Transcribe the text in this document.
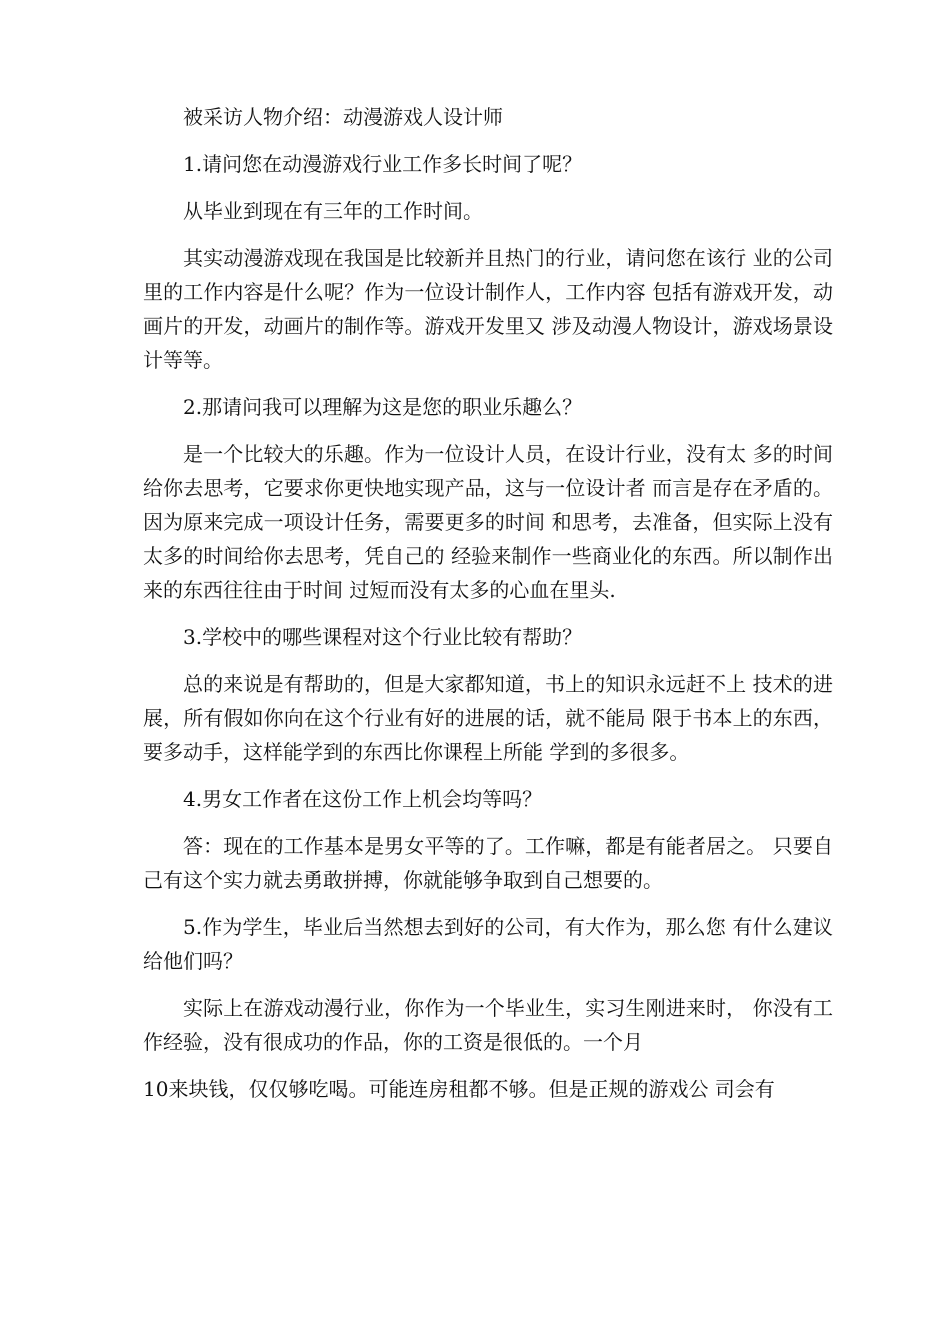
被采访人物介绍：动漫游戏人设计师

1.请问您在动漫游戏行业工作多长时间了呢？

从毕业到现在有三年的工作时间。

其实动漫游戏现在我国是比较新并且热门的行业，请问您在该行 业的公司里的工作内容是什么呢？作为一位设计制作人，工作内容 包括有游戏开发，动画片的开发，动画片的制作等。游戏开发里又 涉及动漫人物设计，游戏场景设计等等。

2.那请问我可以理解为这是您的职业乐趣么？

是一个比较大的乐趣。作为一位设计人员，在设计行业，没有太 多的时间给你去思考，它要求你更快地实现产品，这与一位设计者 而言是存在矛盾的。因为原来完成一项设计任务，需要更多的时间 和思考，去准备，但实际上没有太多的时间给你去思考，凭自己的 经验来制作一些商业化的东西。所以制作出来的东西往往由于时间 过短而没有太多的心血在里头.

3.学校中的哪些课程对这个行业比较有帮助？

总的来说是有帮助的，但是大家都知道，书上的知识永远赶不上 技术的进展，所有假如你向在这个行业有好的进展的话，就不能局 限于书本上的东西，要多动手，这样能学到的东西比你课程上所能 学到的多很多。

4.男女工作者在这份工作上机会均等吗？

答：现在的工作基本是男女平等的了。工作嘛，都是有能者居之。 只要自己有这个实力就去勇敢拼搏，你就能够争取到自己想要的。

5.作为学生，毕业后当然想去到好的公司，有大作为，那么您 有什么建议给他们吗？

实际上在游戏动漫行业，你作为一个毕业生，实习生刚进来时， 你没有工作经验，没有很成功的作品，你的工资是很低的。一个月

10来块钱，仅仅够吃喝。可能连房租都不够。但是正规的游戏公 司会有
